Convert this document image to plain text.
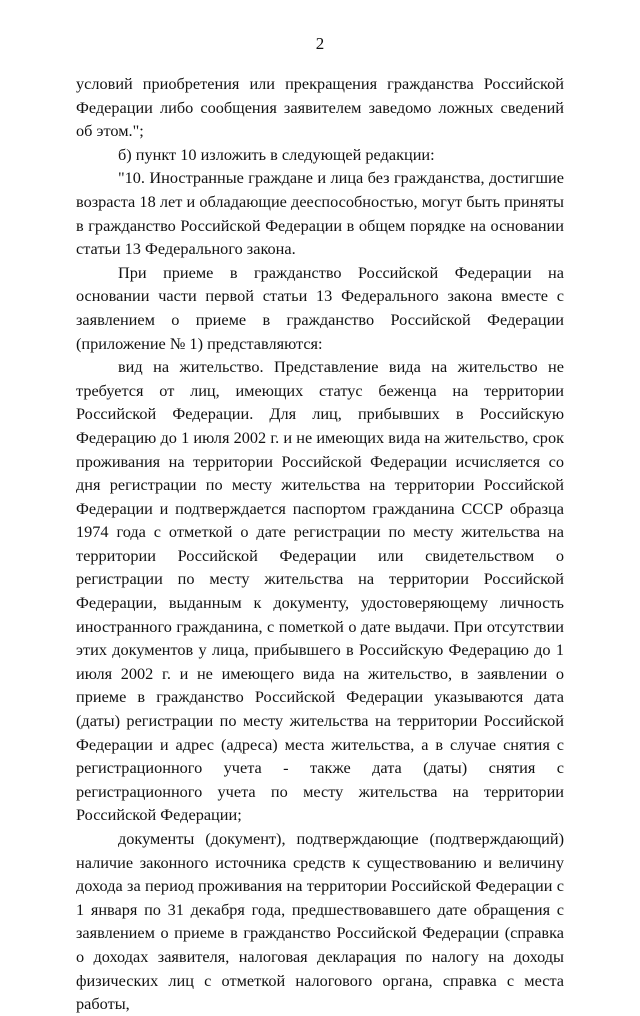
2

условий приобретения или прекращения гражданства Российской Федерации либо сообщения заявителем заведомо ложных сведений об этом.";

б) пункт 10 изложить в следующей редакции:

"10. Иностранные граждане и лица без гражданства, достигшие возраста 18 лет и обладающие дееспособностью, могут быть приняты в гражданство Российской Федерации в общем порядке на основании статьи 13 Федерального закона.

При приеме в гражданство Российской Федерации на основании части первой статьи 13 Федерального закона вместе с заявлением о приеме в гражданство Российской Федерации (приложение № 1) представляются:

вид на жительство. Представление вида на жительство не требуется от лиц, имеющих статус беженца на территории Российской Федерации. Для лиц, прибывших в Российскую Федерацию до 1 июля 2002 г. и не имеющих вида на жительство, срок проживания на территории Российской Федерации исчисляется со дня регистрации по месту жительства на территории Российской Федерации и подтверждается паспортом гражданина СССР образца 1974 года с отметкой о дате регистрации по месту жительства на территории Российской Федерации или свидетельством о регистрации по месту жительства на территории Российской Федерации, выданным к документу, удостоверяющему личность иностранного гражданина, с пометкой о дате выдачи. При отсутствии этих документов у лица, прибывшего в Российскую Федерацию до 1 июля 2002 г. и не имеющего вида на жительство, в заявлении о приеме в гражданство Российской Федерации указываются дата (даты) регистрации по месту жительства на территории Российской Федерации и адрес (адреса) места жительства, а в случае снятия с регистрационного учета - также дата (даты) снятия с регистрационного учета по месту жительства на территории Российской Федерации;

документы (документ), подтверждающие (подтверждающий) наличие законного источника средств к существованию и величину дохода за период проживания на территории Российской Федерации с 1 января по 31 декабря года, предшествовавшего дате обращения с заявлением о приеме в гражданство Российской Федерации (справка о доходах заявителя, налоговая декларация по налогу на доходы физических лиц с отметкой налогового органа, справка с места работы,
